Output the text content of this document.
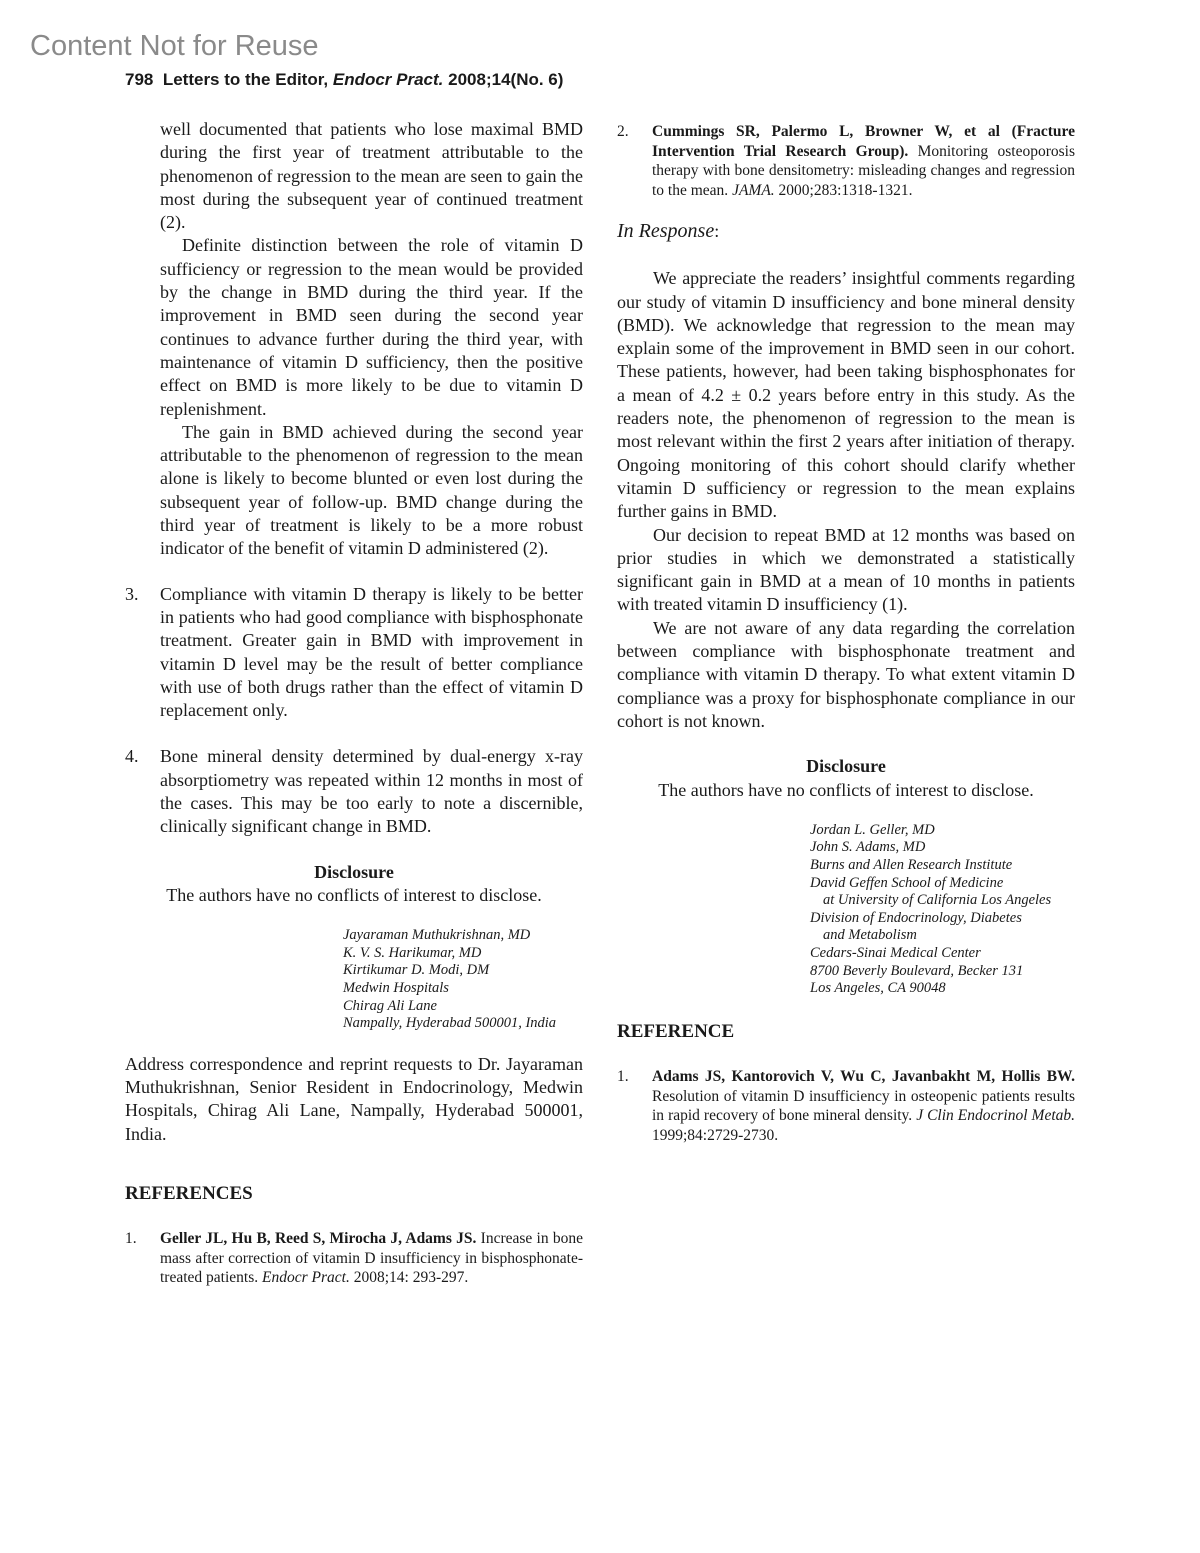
Content Not for Reuse
798 Letters to the Editor, Endocr Pract. 2008;14(No. 6)

well documented that patients who lose maximal BMD during the first year of treatment attributable to the phenomenon of regression to the mean are seen to gain the most during the subsequent year of continued treatment (2).

Definite distinction between the role of vitamin D sufficiency or regression to the mean would be provided by the change in BMD during the third year. If the improvement in BMD seen during the second year continues to advance further during the third year, with maintenance of vitamin D sufficiency, then the positive effect on BMD is more likely to be due to vitamin D replenishment.

The gain in BMD achieved during the second year attributable to the phenomenon of regression to the mean alone is likely to become blunted or even lost during the subsequent year of follow-up. BMD change during the third year of treatment is likely to be a more robust indicator of the benefit of vitamin D administered (2).

3.	Compliance with vitamin D therapy is likely to be better in patients who had good compliance with bisphosphonate treatment. Greater gain in BMD with improvement in vitamin D level may be the result of better compliance with use of both drugs rather than the effect of vitamin D replacement only.
4.	Bone mineral density determined by dual-energy x-ray absorptiometry was repeated within 12 months in most of the cases. This may be too early to note a discernible, clinically significant change in BMD.
Disclosure
The authors have no conflicts of interest to disclose.
Jayaraman Muthukrishnan, MD
K. V. S. Harikumar, MD
Kirtikumar D. Modi, DM
Medwin Hospitals
Chirag Ali Lane
Nampally, Hyderabad 500001, India

Address correspondence and reprint requests to Dr. Jayaraman Muthukrishnan, Senior Resident in Endocrinology, Medwin Hospitals, Chirag Ali Lane, Nampally, Hyderabad 500001, India.

REFERENCES
1.	Geller JL, Hu B, Reed S, Mirocha J, Adams JS. Increase in bone mass after correction of vitamin D insufficiency in bisphosphonate-treated patients. Endocr Pract. 2008;14: 293-297.
2.	Cummings SR, Palermo L, Browner W, et al (Fracture Intervention Trial Research Group). Monitoring osteoporosis therapy with bone densitometry: misleading changes and regression to the mean. JAMA. 2000;283:1318-1321.
In Response:

We appreciate the readers’ insightful comments regarding our study of vitamin D insufficiency and bone mineral density (BMD). We acknowledge that regression to the mean may explain some of the improvement in BMD seen in our cohort. These patients, however, had been taking bisphosphonates for a mean of 4.2 ± 0.2 years before entry in this study. As the readers note, the phenomenon of regression to the mean is most relevant within the first 2 years after initiation of therapy. Ongoing monitoring of this cohort should clarify whether vitamin D sufficiency or regression to the mean explains further gains in BMD.

Our decision to repeat BMD at 12 months was based on prior studies in which we demonstrated a statistically significant gain in BMD at a mean of 10 months in patients with treated vitamin D insufficiency (1).

We are not aware of any data regarding the correlation between compliance with bisphosphonate treatment and compliance with vitamin D therapy. To what extent vitamin D compliance was a proxy for bisphosphonate compliance in our cohort is not known.

Disclosure
The authors have no conflicts of interest to disclose.
Jordan L. Geller, MD
John S. Adams, MD
Burns and Allen Research Institute
David Geffen School of Medicine
at University of California Los Angeles
Division of Endocrinology, Diabetes
and Metabolism
Cedars-Sinai Medical Center
8700 Beverly Boulevard, Becker 131
Los Angeles, CA 90048
REFERENCE
1.	Adams JS, Kantorovich V, Wu C, Javanbakht M, Hollis BW. Resolution of vitamin D insufficiency in osteopenic patients results in rapid recovery of bone mineral density. J Clin Endocrinol Metab. 1999;84:2729-2730.
